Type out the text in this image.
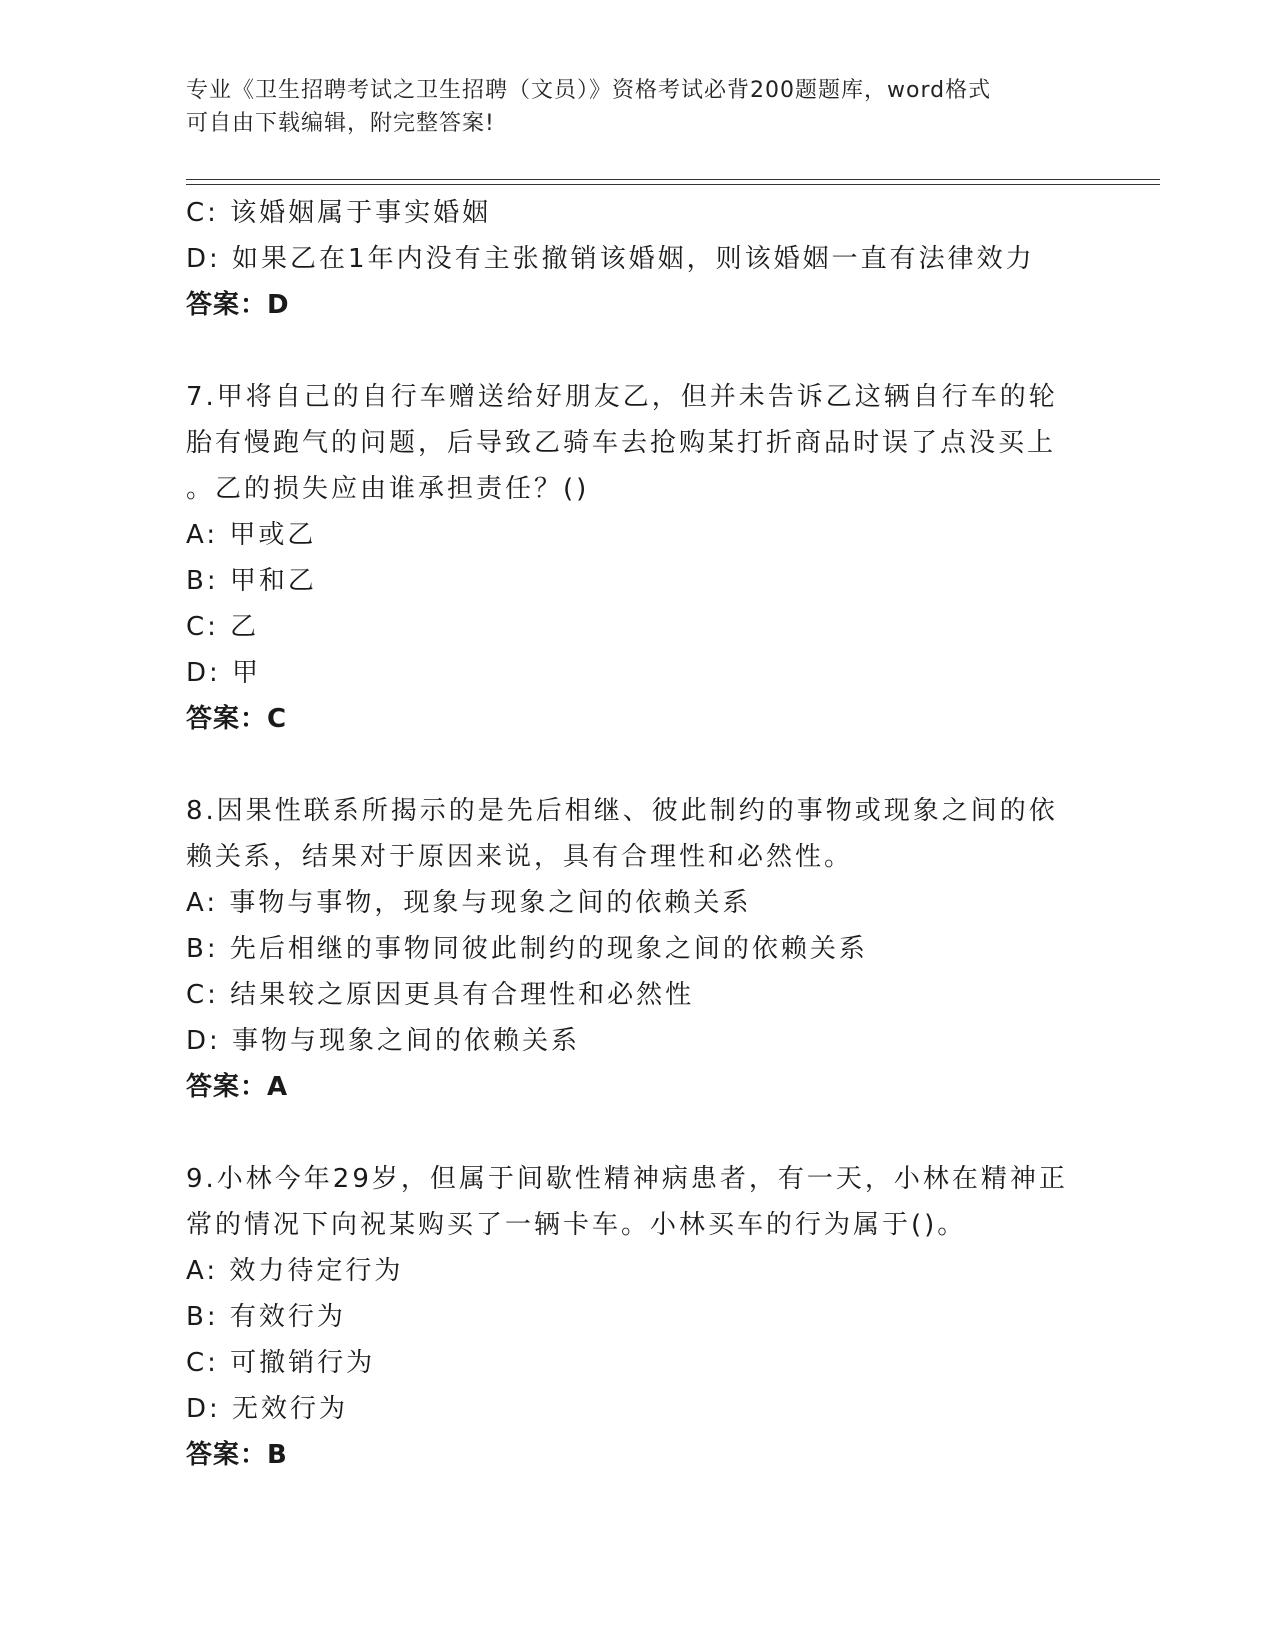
专业《卫生招聘考试之卫生招聘（文员）》资格考试必背200题题库，word格式
可自由下载编辑，附完整答案!
C: 该婚姻属于事实婚姻
D: 如果乙在1年内没有主张撤销该婚姻，则该婚姻一直有法律效力
答案：D
7.甲将自己的自行车赠送给好朋友乙，但并未告诉乙这辆自行车的轮
胎有慢跑气的问题，后导致乙骑车去抢购某打折商品时误了点没买上
。乙的损失应由谁承担责任？()
A: 甲或乙
B: 甲和乙
C: 乙
D: 甲
答案：C
8.因果性联系所揭示的是先后相继、彼此制约的事物或现象之间的依
赖关系，结果对于原因来说，具有合理性和必然性。
A: 事物与事物，现象与现象之间的依赖关系
B: 先后相继的事物同彼此制约的现象之间的依赖关系
C: 结果较之原因更具有合理性和必然性
D: 事物与现象之间的依赖关系
答案：A
9.小林今年29岁，但属于间歇性精神病患者，有一天，小林在精神正
常的情况下向祝某购买了一辆卡车。小林买车的行为属于()。
A: 效力待定行为
B: 有效行为
C: 可撤销行为
D: 无效行为
答案：B
